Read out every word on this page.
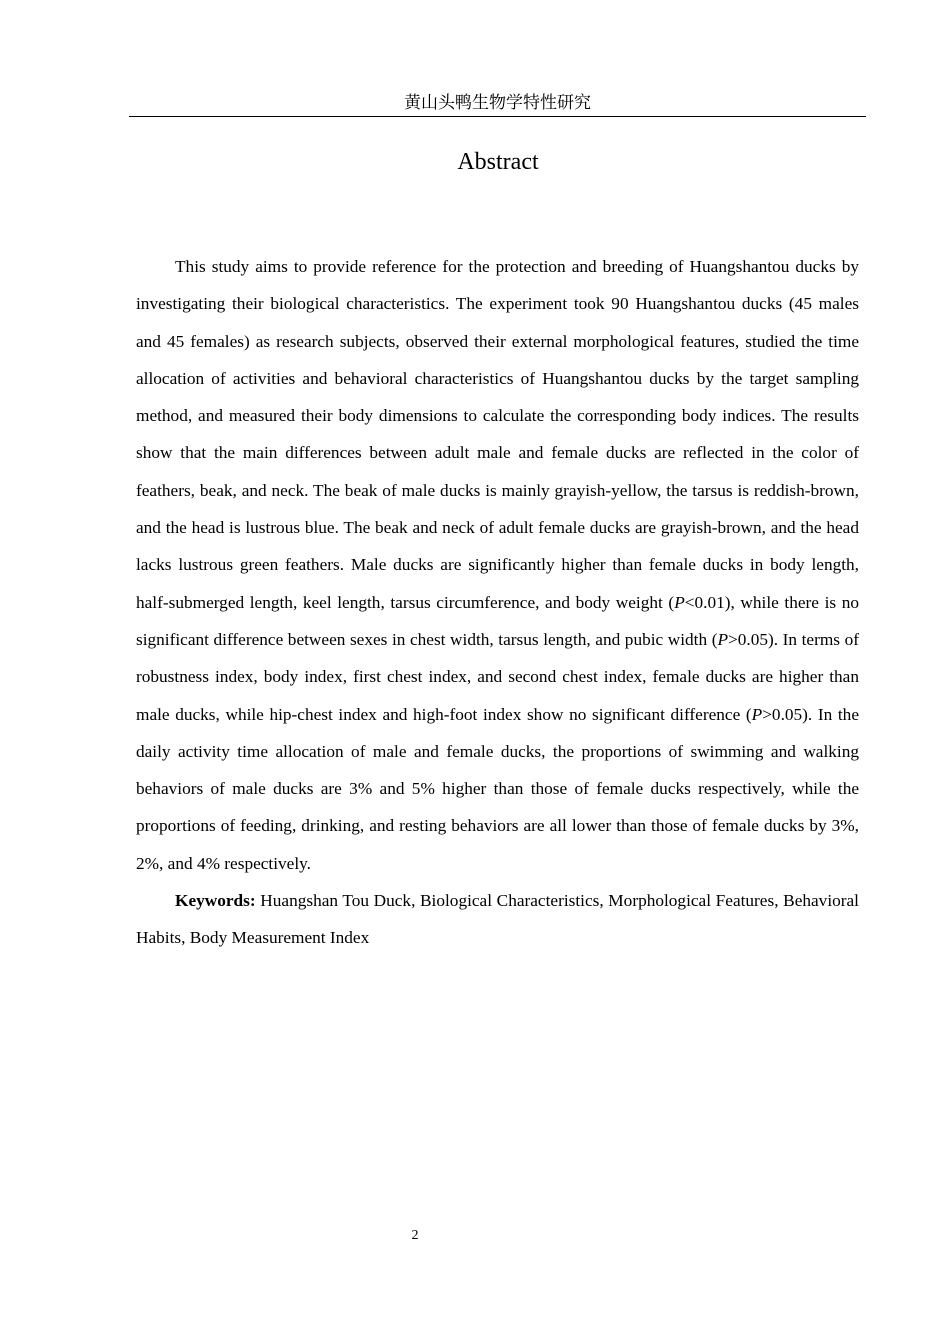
黄山头鸭生物学特性研究
Abstract

This study aims to provide reference for the protection and breeding of Huangshantou ducks by investigating their biological characteristics. The experiment took 90 Huangshantou ducks (45 males and 45 females) as research subjects, observed their external morphological features, studied the time allocation of activities and behavioral characteristics of Huangshantou ducks by the target sampling method, and measured their body dimensions to calculate the corresponding body indices. The results show that the main differences between adult male and female ducks are reflected in the color of feathers, beak, and neck. The beak of male ducks is mainly grayish-yellow, the tarsus is reddish-brown, and the head is lustrous blue. The beak and neck of adult female ducks are grayish-brown, and the head lacks lustrous green feathers. Male ducks are significantly higher than female ducks in body length, half-submerged length, keel length, tarsus circumference, and body weight (P<0.01), while there is no significant difference between sexes in chest width, tarsus length, and pubic width (P>0.05). In terms of robustness index, body index, first chest index, and second chest index, female ducks are higher than male ducks, while hip-chest index and high-foot index show no significant difference (P>0.05). In the daily activity time allocation of male and female ducks, the proportions of swimming and walking behaviors of male ducks are 3% and 5% higher than those of female ducks respectively, while the proportions of feeding, drinking, and resting behaviors are all lower than those of female ducks by 3%, 2%, and 4% respectively.

Keywords: Huangshan Tou Duck, Biological Characteristics, Morphological Features, Behavioral Habits, Body Measurement Index

2
